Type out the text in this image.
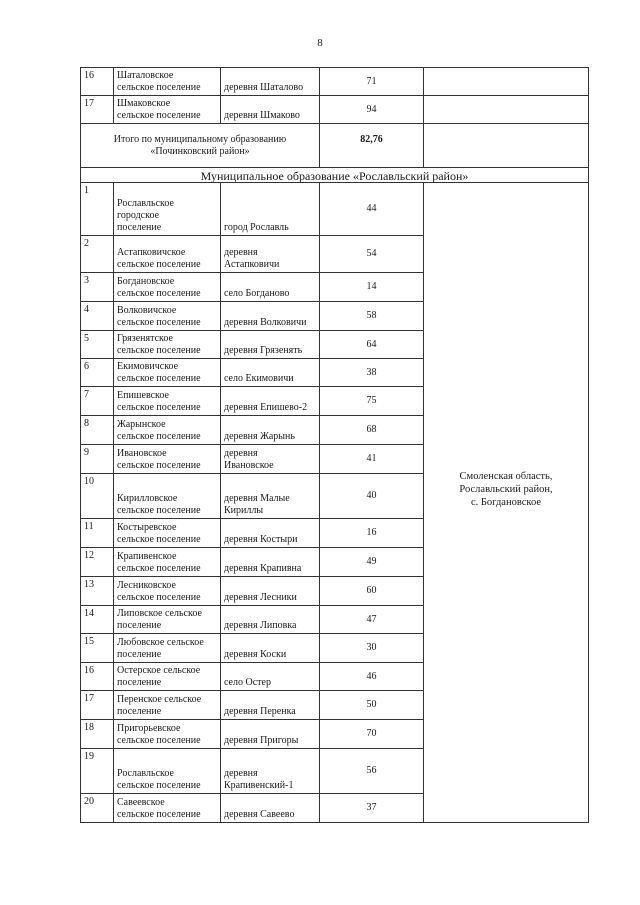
8
16	Шаталовское
сельское поселение	деревня Шаталово	71	
17	Шмаковское
сельское поселение	деревня Шмаково	94	
Итого по муниципальному образованию
«Починковский район»			82,76	
Муниципальное образование «Рославльский район»				
1	Рославльское
городское
поселение	город Рославль	44	Смоленская область,
Рославльский район,
с. Богдановское
2	Астапковичское
сельское поселение	деревня
Астапковичи	54	
3	Богдановское
сельское поселение	село Богданово	14	
4	Волковичское
сельское поселение	деревня Волковичи	58	
5	Грязенятское
сельское поселение	деревня Грязенять	64	
6	Екимовичское
сельское поселение	село Екимовичи	38	
7	Епишевское
сельское поселение	деревня Епишево-2	75	
8	Жарынское
сельское поселение	деревня Жарынь	68	
9	Ивановское
сельское поселение	деревня
Ивановское	41	
10	Кирилловское
сельское поселение	деревня Малые
Кириллы	40	
11	Костыревское
сельское поселение	деревня Костыри	16	
12	Крапивенское
сельское поселение	деревня Крапивна	49	
13	Лесниковское
сельское поселение	деревня Лесники	60	
14	Липовское сельское
поселение	деревня Липовка	47	
15	Любовское сельское
поселение	деревня Коски	30	
16	Остерское сельское
поселение	село Остер	46	
17	Перенское сельское
поселение	деревня Перенка	50	
18	Пригорьевское
сельское поселение	деревня Пригоры	70	
19	Рославльское
сельское поселение	деревня
Крапивенский-1	56	
20	Савеевское
сельское поселение	деревня Савеево	37	
